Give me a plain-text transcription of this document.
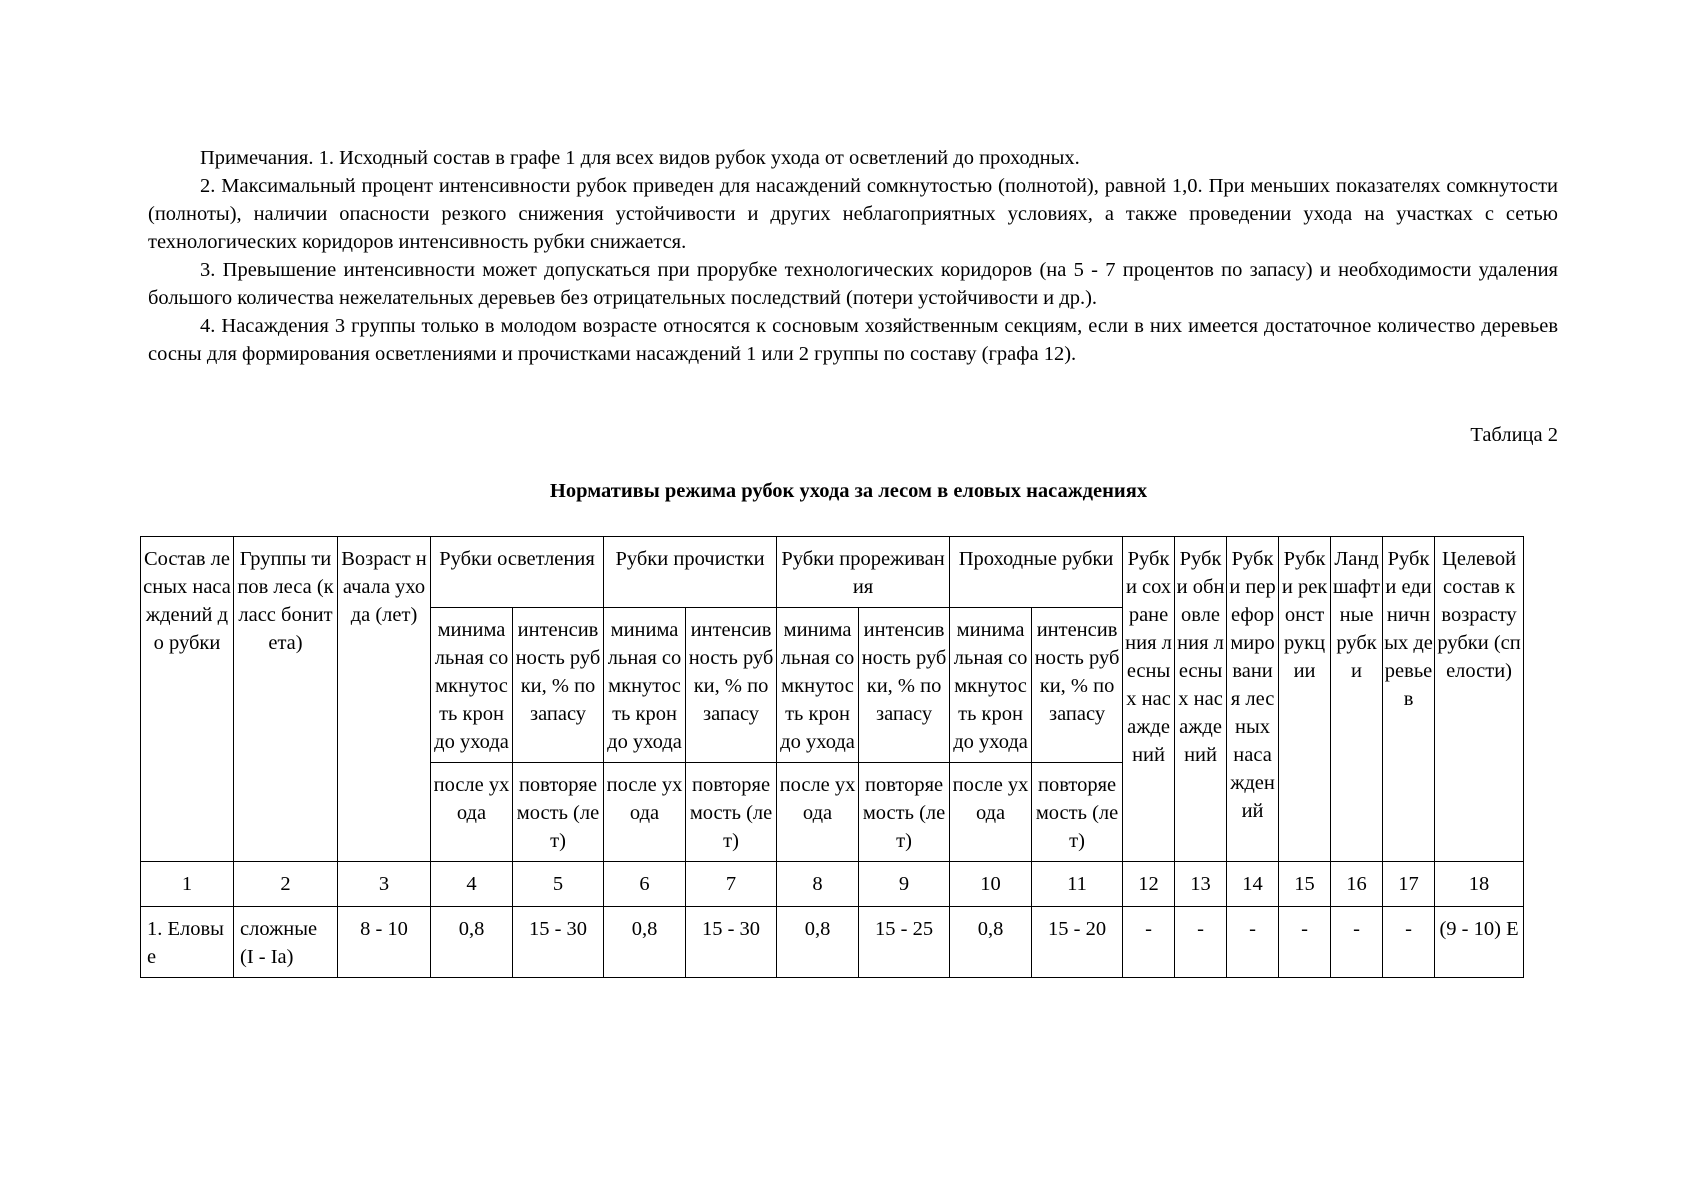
Примечания. 1. Исходный состав в графе 1 для всех видов рубок ухода от осветлений до проходных.

2. Максимальный процент интенсивности рубок приведен для насаждений сомкнутостью (полнотой), равной 1,0. При меньших показателях сомкнутости (полноты), наличии опасности резкого снижения устойчивости и других неблагоприятных условиях, а также проведении ухода на участках с сетью технологических коридоров интенсивность рубки снижается.

3. Превышение интенсивности может допускаться при прорубке технологических коридоров (на 5 - 7 процентов по запасу) и необходимости удаления большого количества нежелательных деревьев без отрицательных последствий (потери устойчивости и др.).

4. Насаждения 3 группы только в молодом возрасте относятся к сосновым хозяйственным секциям, если в них имеется достаточное количество деревьев сосны для формирования осветлениями и прочистками насаждений 1 или 2 группы по составу (графа 12).

Таблица 2
Нормативы режима рубок ухода за лесом в еловых насаждениях
Состав лесных насаждений до рубки	Группы типов леса (класс бонитета)	Возраст начала ухода (лет)	Рубки осветления		Рубки прочистки		Рубки прореживания		Проходные рубки		Рубки сохранения лесных насаждений	Рубки обновления лесных насаждений	Рубки переформирования лесных насаждений	Рубки реконструкции	Ландшафтные рубки	Рубки единичных деревьев	Целевой состав к возрасту рубки (спелости)
			минимальная сомкнутость крон до ухода	интенсивность рубки, % по запасу	минимальная сомкнутость крон до ухода	интенсивность рубки, % по запасу	минимальная сомкнутость крон до ухода	интенсивность рубки, % по запасу	минимальная сомкнутость крон до ухода	интенсивность рубки, % по запасу							
			после ухода	повторяемость (лет)	после ухода	повторяемость (лет)	после ухода	повторяемость (лет)	после ухода	повторяемость (лет)							
1	2	3	4	5	6	7	8	9	10	11	12	13	14	15	16	17	18
1. Еловые	сложные (I - Ia)	8 - 10	0,8	15 - 30	0,8	15 - 30	0,8	15 - 25	0,8	15 - 20	-	-	-	-	-	-	(9 - 10) Е
